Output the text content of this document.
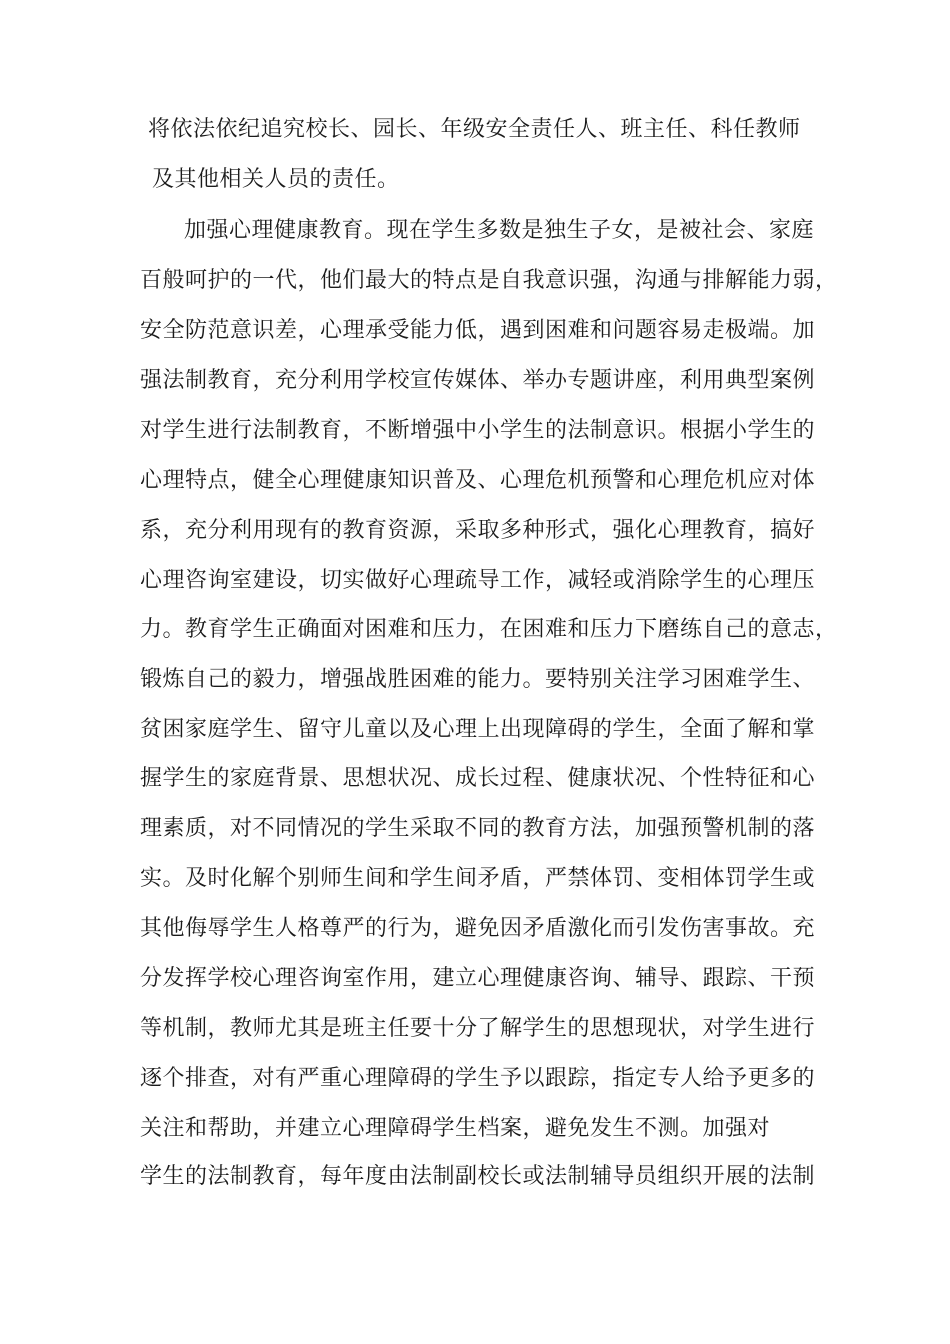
将依法依纪追究校长、园长、年级安全责任人、班主任、科任教师

及其他相关人员的责任。

加强心理健康教育。现在学生多数是独生子女，是被社会、家庭

百般呵护的一代，他们最大的特点是自我意识强，沟通与排解能力弱，

安全防范意识差，心理承受能力低，遇到困难和问题容易走极端。加

强法制教育，充分利用学校宣传媒体、举办专题讲座，利用典型案例

对学生进行法制教育，不断增强中小学生的法制意识。根据小学生的

心理特点，健全心理健康知识普及、心理危机预警和心理危机应对体

系，充分利用现有的教育资源，采取多种形式，强化心理教育，搞好

心理咨询室建设，切实做好心理疏导工作，减轻或消除学生的心理压

力。教育学生正确面对困难和压力，在困难和压力下磨练自己的意志，

锻炼自己的毅力，增强战胜困难的能力。要特别关注学习困难学生、

贫困家庭学生、留守儿童以及心理上出现障碍的学生，全面了解和掌

握学生的家庭背景、思想状况、成长过程、健康状况、个性特征和心

理素质，对不同情况的学生采取不同的教育方法，加强预警机制的落

实。及时化解个别师生间和学生间矛盾，严禁体罚、变相体罚学生或

其他侮辱学生人格尊严的行为，避免因矛盾激化而引发伤害事故。充

分发挥学校心理咨询室作用，建立心理健康咨询、辅导、跟踪、干预

等机制，教师尤其是班主任要十分了解学生的思想现状，对学生进行

逐个排查，对有严重心理障碍的学生予以跟踪，指定专人给予更多的

关注和帮助，并建立心理障碍学生档案，避免发生不测。加强对

学生的法制教育，每年度由法制副校长或法制辅导员组织开展的法制
